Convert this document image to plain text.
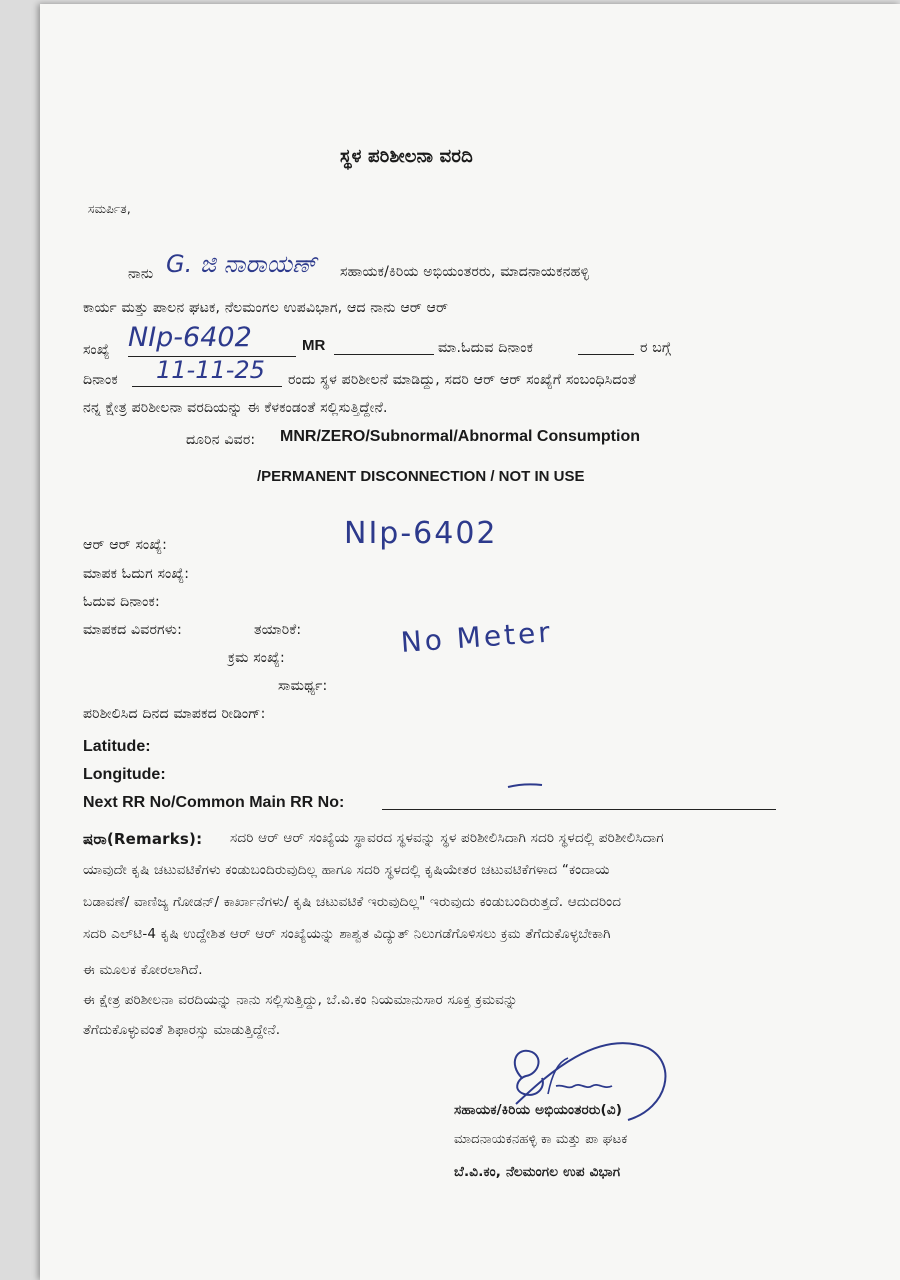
ಸ್ಥಳ ಪರಿಶೀಲನಾ ವರದಿ
ಸಮರ್ಪಿತ,
ನಾನು G. ಜಿ ನಾರಾಯಣ್ ಸಹಾಯಕ/ಕಿರಿಯ ಅಭಿಯಂತರರು, ಮಾದನಾಯಕನಹಳ್ಳಿ
ಕಾರ್ಯ ಮತ್ತು ಪಾಲನ ಘಟಕ, ನೆಲಮಂಗಲ ಉಪವಿಭಾಗ, ಆದ ನಾನು ಆರ್ ಆರ್
ಸಂಖ್ಯೆ NIp-6402	MR	ಮಾ.ಓದುವ ದಿನಾಂಕ	ರ ಬಗ್ಗೆ
ದಿನಾಂಕ 11-11-25 ರಂದು ಸ್ಥಳ ಪರಿಶೀಲನೆ ಮಾಡಿದ್ದು, ಸದರಿ ಆರ್ ಆರ್ ಸಂಖ್ಯೆಗೆ ಸಂಬಂಧಿಸಿದಂತೆ
ನನ್ನ ಕ್ಷೇತ್ರ ಪರಿಶೀಲನಾ ವರದಿಯನ್ನು ಈ ಕೆಳಕಂಡಂತೆ ಸಲ್ಲಿಸುತ್ತಿದ್ದೇನೆ.
ದೂರಿನ ವಿವರ: MNR/ZERO/Subnormal/Abnormal Consumption
/PERMANENT DISCONNECTION / NOT IN USE
ಆರ್ ಆರ್ ಸಂಖ್ಯೆ:	NIp-6402
ಮಾಪಕ ಓದುಗ ಸಂಖ್ಯೆ:
ಓದುವ ದಿನಾಂಕ:
ಮಾಪಕದ ವಿವರಗಳು:	ತಯಾರಿಕೆ:
ಕ್ರಮ ಸಂಖ್ಯೆ:	No Meter
ಸಾಮರ್ಥ್ಯ:
ಪರಿಶೀಲಿಸಿದ ದಿನದ ಮಾಪಕದ ರೀಡಿಂಗ್:
Latitude:
Longitude:
Next RR No/Common Main RR No:
ಷರಾ(Remarks): ಸದರಿ ಆರ್ ಆರ್ ಸಂಖ್ಯೆಯ ಸ್ಥಾವರದ ಸ್ಥಳವನ್ನು ಸ್ಥಳ ಪರಿಶೀಲಿಸಿದಾಗಿ ಸದರಿ ಸ್ಥಳದಲ್ಲಿ ಪರಿಶೀಲಿಸಿದಾಗ
ಯಾವುದೇ ಕೃಷಿ ಚಟುವಟಿಕೆಗಳು ಕಂಡುಬಂದಿರುವುದಿಲ್ಲ ಹಾಗೂ ಸದರಿ ಸ್ಥಳದಲ್ಲಿ ಕೃಷಿಯೇತರ ಚಟುವಟಿಕೆಗಳಾದ “ಕಂದಾಯ
ಬಡಾವಣೆ/ ವಾಣಿಜ್ಯ ಗೋಡನ್/ ಕಾರ್ಖಾನೆಗಳು/ ಕೃಷಿ ಚಟುವಟಿಕೆ ಇರುವುದಿಲ್ಲ" ಇರುವುದು ಕಂಡುಬಂದಿರುತ್ತದೆ. ಆದುದರಿಂದ
ಸದರಿ ಎಲ್‌ಟಿ-4 ಕೃಷಿ ಉದ್ದೇಶಿತ ಆರ್ ಆರ್ ಸಂಖ್ಯೆಯನ್ನು ಶಾಶ್ವತ ವಿದ್ಯುತ್ ನಿಲುಗಡೆಗೊಳಿಸಲು ಕ್ರಮ ತೆಗೆದುಕೊಳ್ಳಬೇಕಾಗಿ
ಈ ಮೂಲಕ ಕೋರಲಾಗಿದೆ.
ಈ ಕ್ಷೇತ್ರ ಪರಿಶೀಲನಾ ವರದಿಯನ್ನು ನಾನು ಸಲ್ಲಿಸುತ್ತಿದ್ದು, ಬೆ.ವಿ.ಕಂ ನಿಯಮಾನುಸಾರ ಸೂಕ್ತ ಕ್ರಮವನ್ನು
ತೆಗೆದುಕೊಳ್ಳುವಂತೆ ಶಿಫಾರಸ್ಸು ಮಾಡುತ್ತಿದ್ದೇನೆ.
ಸಹಾಯಕ/ಕಿರಿಯ ಅಭಿಯಂತರರು(ವಿ)
ಮಾದನಾಯಕನಹಳ್ಳಿ ಕಾ ಮತ್ತು ಪಾ ಘಟಕ
ಬೆ.ವಿ.ಕಂ, ನೆಲಮಂಗಲ ಉಪ ವಿಭಾಗ
